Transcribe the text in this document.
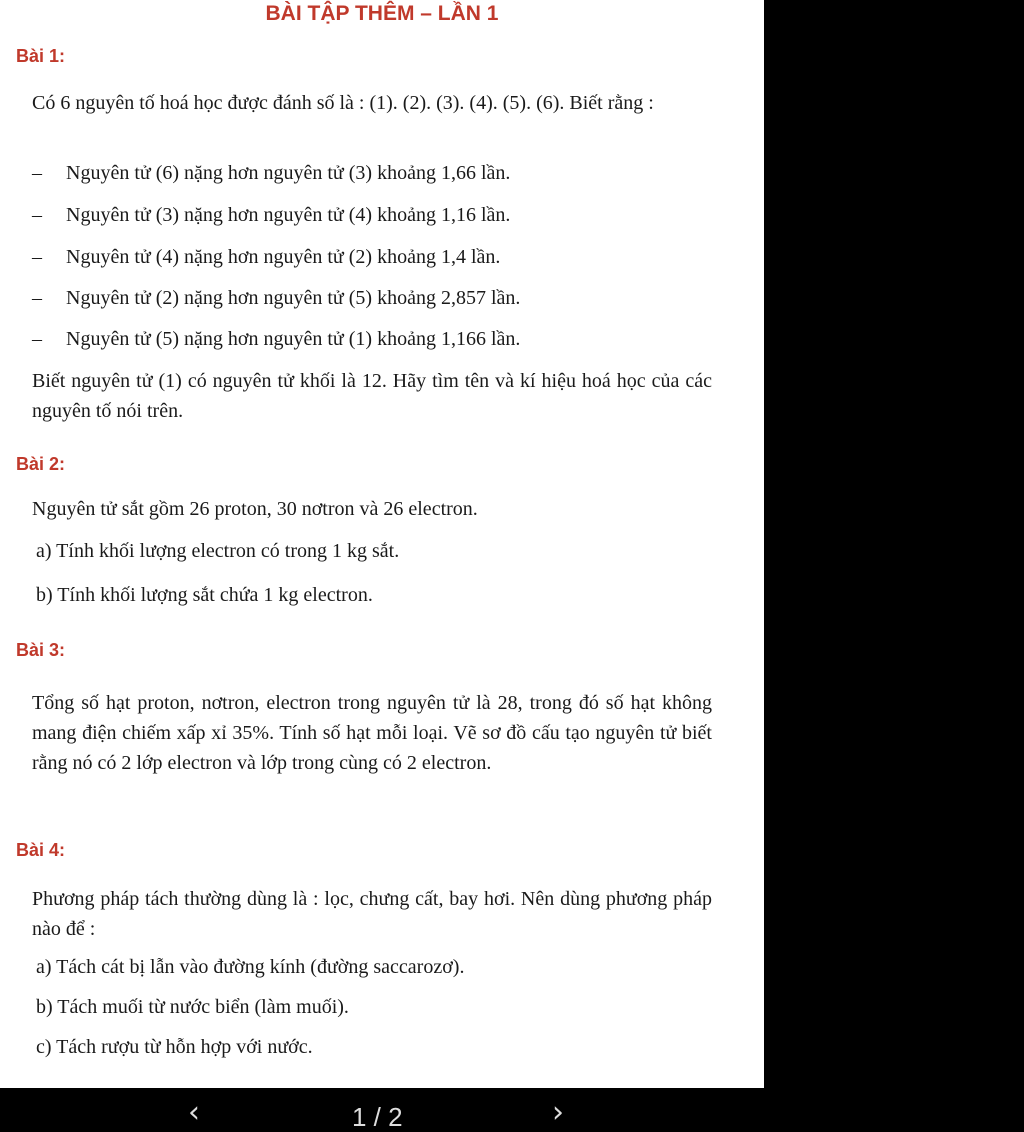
BÀI TẬP THÊM – LẦN 1
Bài 1:
Có 6 nguyên tố hoá học được đánh số là : (1). (2). (3). (4). (5). (6). Biết rằng :
– Nguyên tử (6) nặng hơn nguyên tử (3) khoảng 1,66 lần.
– Nguyên tử (3) nặng hơn nguyên tử (4) khoảng 1,16 lần.
– Nguyên tử (4) nặng hơn nguyên tử (2) khoảng 1,4 lần.
– Nguyên tử (2) nặng hơn nguyên tử (5) khoảng 2,857 lần.
– Nguyên tử (5) nặng hơn nguyên tử (1) khoảng 1,166 lần.
Biết nguyên tử (1) có nguyên tử khối là 12. Hãy tìm tên và kí hiệu hoá học của các nguyên tố nói trên.
Bài 2:
Nguyên tử sắt gồm 26 proton, 30 nơtron và 26 electron.
a) Tính khối lượng electron có trong 1 kg sắt.
b) Tính khối lượng sắt chứa 1 kg electron.
Bài 3:
Tổng số hạt proton, nơtron, electron trong nguyên tử là 28, trong đó số hạt không mang điện chiếm xấp xỉ 35%. Tính số hạt mỗi loại. Vẽ sơ đồ cấu tạo nguyên tử biết rằng nó có 2 lớp electron và lớp trong cùng có 2 electron.
Bài 4:
Phương pháp tách thường dùng là : lọc, chưng cất, bay hơi. Nên dùng phương pháp nào để :
a) Tách cát bị lẫn vào đường kính (đường saccarozơ).
b) Tách muối từ nước biển (làm muối).
c) Tách rượu từ hỗn hợp với nước.
‹	1 / 2	›
